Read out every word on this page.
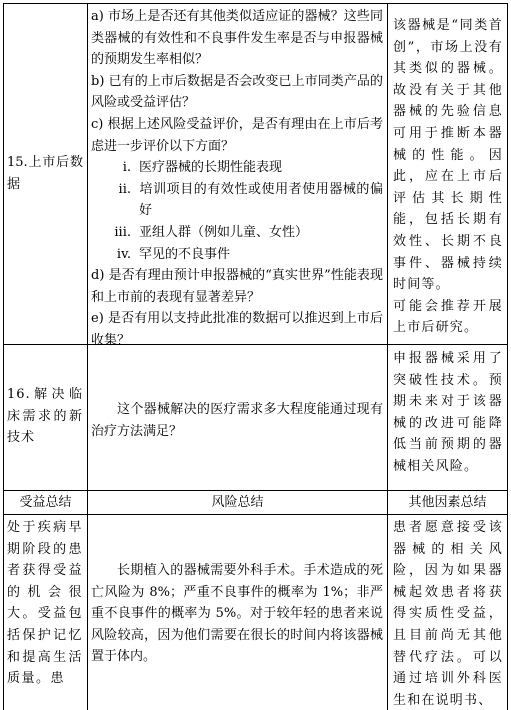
15.上市后数据

a) 市场上是否还有其他类似适应证的器械？这些同类器械的有效性和不良事件发生率是否与申报器械的预期发生率相似？

b) 已有的上市后数据是否会改变已上市同类产品的风险或受益评估？

c) 根据上述风险受益评价，是否有理由在上市后考虑进一步评价以下方面？

i. 医疗器械的长期性能表现

ii. 培训项目的有效性或使用者使用器械的偏好

iii. 亚组人群（例如儿童、女性）

iv. 罕见的不良事件

d) 是否有理由预计申报器械的“真实世界”性能表现和上市前的表现有显著差异？

e) 是否有用以支持此批准的数据可以推迟到上市后收集？

该器械是“同类首创”，市场上没有其类似的器械。故没有关于其他器械的先验信息可用于推断本器械的性能。因此，应在上市后评估其长期性能，包括长期有效性、长期不良事件、器械持续时间等。

可能会推荐开展上市后研究。

16.解决临床需求的新技术

这个器械解决的医疗需求多大程度能通过现有治疗方法满足？

申报器械采用了突破性技术。预期未来对于该器械的改进可能降低当前预期的器械相关风险。

受益总结	风险总结	其他因素总结

处于疾病早期阶段的患者获得受益的机会很大。受益包括保护记忆和提高生活质量。患

长期植入的器械需要外科手术。手术造成的死亡风险为 8%；严重不良事件的概率为 1%；非严重不良事件的概率为 5%。对于较年轻的患者来说风险较高，因为他们需要在很长的时间内将该器械置于体内。

患者愿意接受该器械的相关风险，因为如果器械起效患者将获得实质性受益，且目前尚无其他替代疗法。可以通过培训外科医生和在说明书、
